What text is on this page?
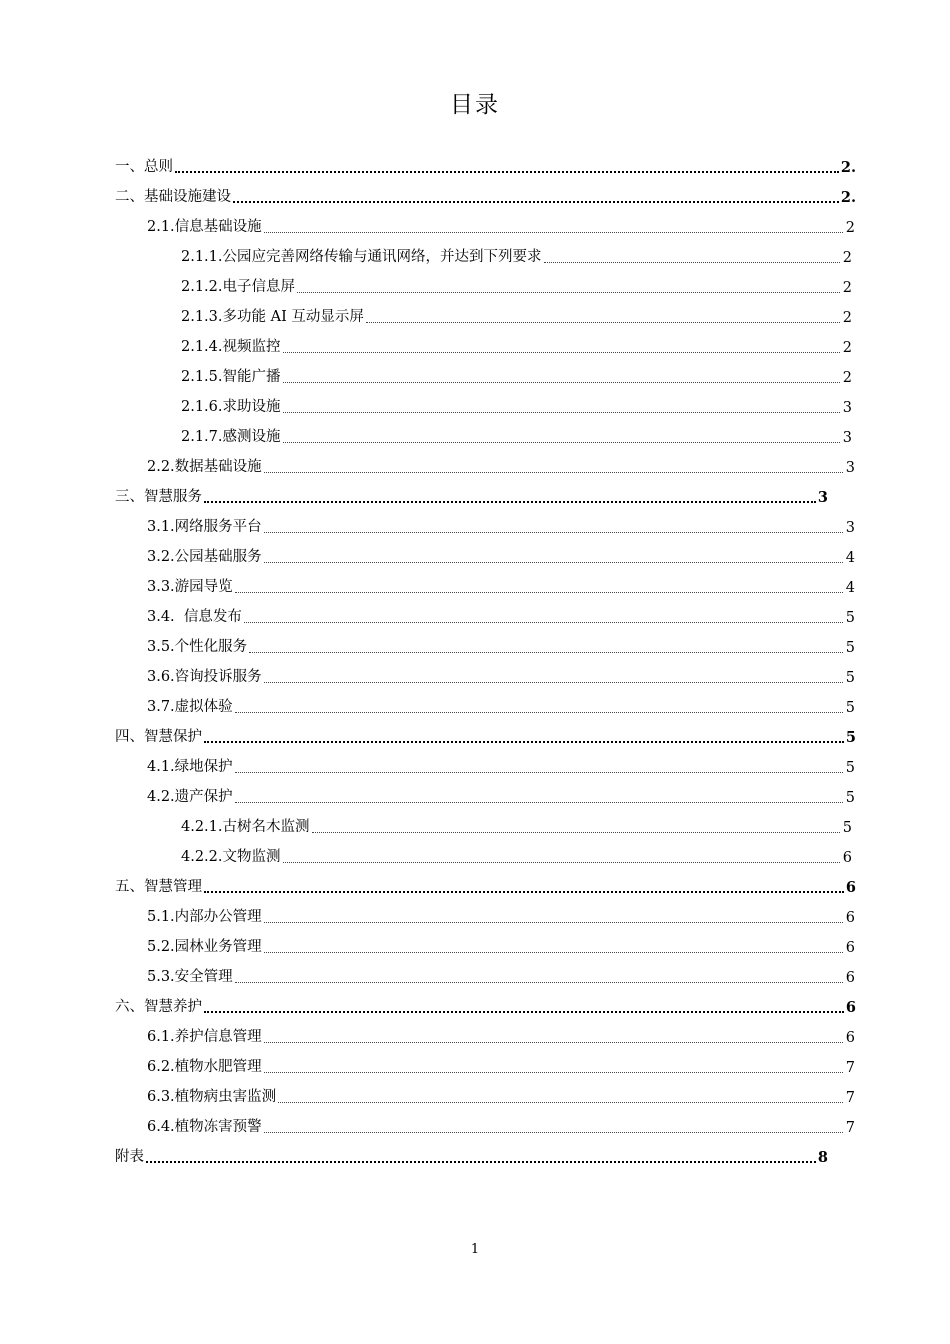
目录
一、总则	2.
二、基础设施建设	2.
2.1.信息基础设施	2
2.1.1.公园应完善网络传输与通讯网络，并达到下列要求	2
2.1.2.电子信息屏	2
2.1.3.多功能 AI 互动显示屏	2
2.1.4.视频监控	2
2.1.5.智能广播	2
2.1.6.求助设施	3
2.1.7.感测设施	3
2.2.数据基础设施	3
三、智慧服务	3
3.1.网络服务平台	3
3.2.公园基础服务	4
3.3.游园导览	4
3.4.  信息发布	5
3.5.个性化服务	5
3.6.咨询投诉服务	5
3.7.虚拟体验	5
四、智慧保护	5
4.1.绿地保护	5
4.2.遗产保护	5
4.2.1.古树名木监测	5
4.2.2.文物监测	6
五、智慧管理	6
5.1.内部办公管理	6
5.2.园林业务管理	6
5.3.安全管理	6
六、智慧养护	6
6.1.养护信息管理	6
6.2.植物水肥管理	7
6.3.植物病虫害监测	7
6.4.植物冻害预警	7
附表	8
1
